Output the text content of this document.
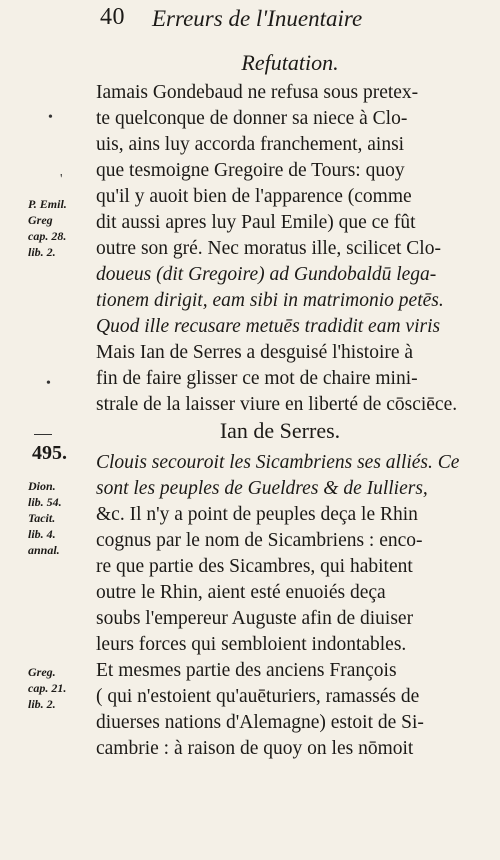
40 Erreurs de l'Inuentaire
Refutation.
Iamais Gondebaud ne refusa sous pretex-
te quelconque de donner sa niece à Clo-
uis, ains luy accorda franchement, ainsi
que tesmoigne Gregoire de Tours: quoy
qu'il y auoit bien de l'apparence (comme
dit aussi apres luy Paul Emile) que ce fût
outre son gré. Nec moratus ille, scilicet Clo-
doueus (dit Gregoire) ad Gundobaldū lega-
tionem dirigit, eam sibi in matrimonio petēs.
Quod ille recusare metuēs tradidit eam viris
Mais Ian de Serres a desguisé l'histoire à
fin de faire glisser ce mot de chaire mini-
strale de la laisser viure en liberté de cōsciēce.
Ian de Serres.
Clouis secourοit les Sicambriens ses alliés. Ce
sont les peuples de Gueldres & de Iulliers,
&c. Il n'y a point de peuples deça le Rhin
cognus par le nom de Sicambriens : enco-
re que partie des Sicambres, qui habitent
outre le Rhin, aient esté enuoiés deça
soubs l'empereur Auguste afin de diuiser
leurs forces qui sembloient indontables.
Et mesmes partie des anciens François
( qui n'estoient qu'auēturiers, ramassés de
diuerses nations d'Alemagne) estoit de Si-
cambrie : à raison de quoy on les nōmoit
P. Emil.
Greg
cap. 28.
lib. 2.
495.
Dion.
lib. 54.
Tacit.
lib. 4.
annal.
Greg.
cap. 21.
lib. 2.
•
'
•
